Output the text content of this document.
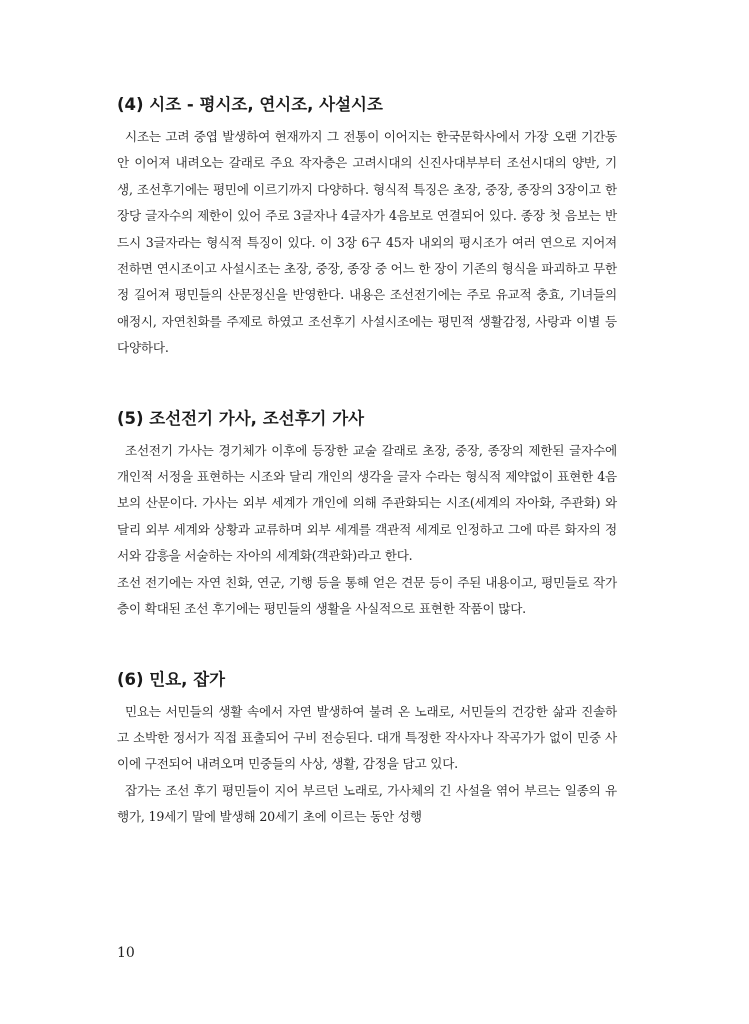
(4) 시조 - 평시조, 연시조, 사설시조

시조는 고려 중엽 발생하여 현재까지 그 전통이 이어지는 한국문학사에서 가장 오랜 기간동안 이어져 내려오는 갈래로 주요 작자층은 고려시대의 신진사대부부터 조선시대의 양반, 기생, 조선후기에는 평민에 이르기까지 다양하다. 형식적 특징은 초장, 중장, 종장의 3장이고 한 장당 글자수의 제한이 있어 주로 3글자나 4글자가 4음보로 연결되어 있다. 종장 첫 음보는 반드시 3글자라는 형식적 특징이 있다. 이 3장 6구 45자 내외의 평시조가 여러 연으로 지어져 전하면 연시조이고 사설시조는 초장, 중장, 종장 중 어느 한 장이 기존의 형식을 파괴하고 무한정 길어져 평민들의 산문정신을 반영한다. 내용은 조선전기에는 주로 유교적 충효, 기녀들의 애정시, 자연친화를 주제로 하였고 조선후기 사설시조에는 평민적 생활감정, 사랑과 이별 등 다양하다.

(5) 조선전기 가사, 조선후기 가사

조선전기 가사는 경기체가 이후에 등장한 교술 갈래로 초장, 중장, 종장의 제한된 글자수에 개인적 서정을 표현하는 시조와 달리 개인의 생각을 글자 수라는 형식적 제약없이 표현한 4음보의 산문이다. 가사는 외부 세계가 개인에 의해 주관화되는 시조(세계의 자아화, 주관화) 와 달리 외부 세계와 상황과 교류하며 외부 세계를 객관적 세계로 인정하고 그에 따른 화자의 정서와 감흥을 서술하는 자아의 세계화(객관화)라고 한다.

조선 전기에는 자연 친화, 연군, 기행 등을 통해 얻은 견문 등이 주된 내용이고, 평민들로 작가층이 확대된 조선 후기에는 평민들의 생활을 사실적으로 표현한 작품이 많다.

(6) 민요, 잡가

민요는 서민들의 생활 속에서 자연 발생하여 불려 온 노래로, 서민들의 건강한 삶과 진솔하고 소박한 정서가 직접 표출되어 구비 전승된다. 대개 특정한 작사자나 작곡가가 없이 민중 사이에 구전되어 내려오며 민중들의 사상, 생활, 감정을 담고 있다.

잡가는 조선 후기 평민들이 지어 부르던 노래로, 가사체의 긴 사설을 엮어 부르는 일종의 유행가, 19세기 말에 발생해 20세기 초에 이르는 동안 성행

10
